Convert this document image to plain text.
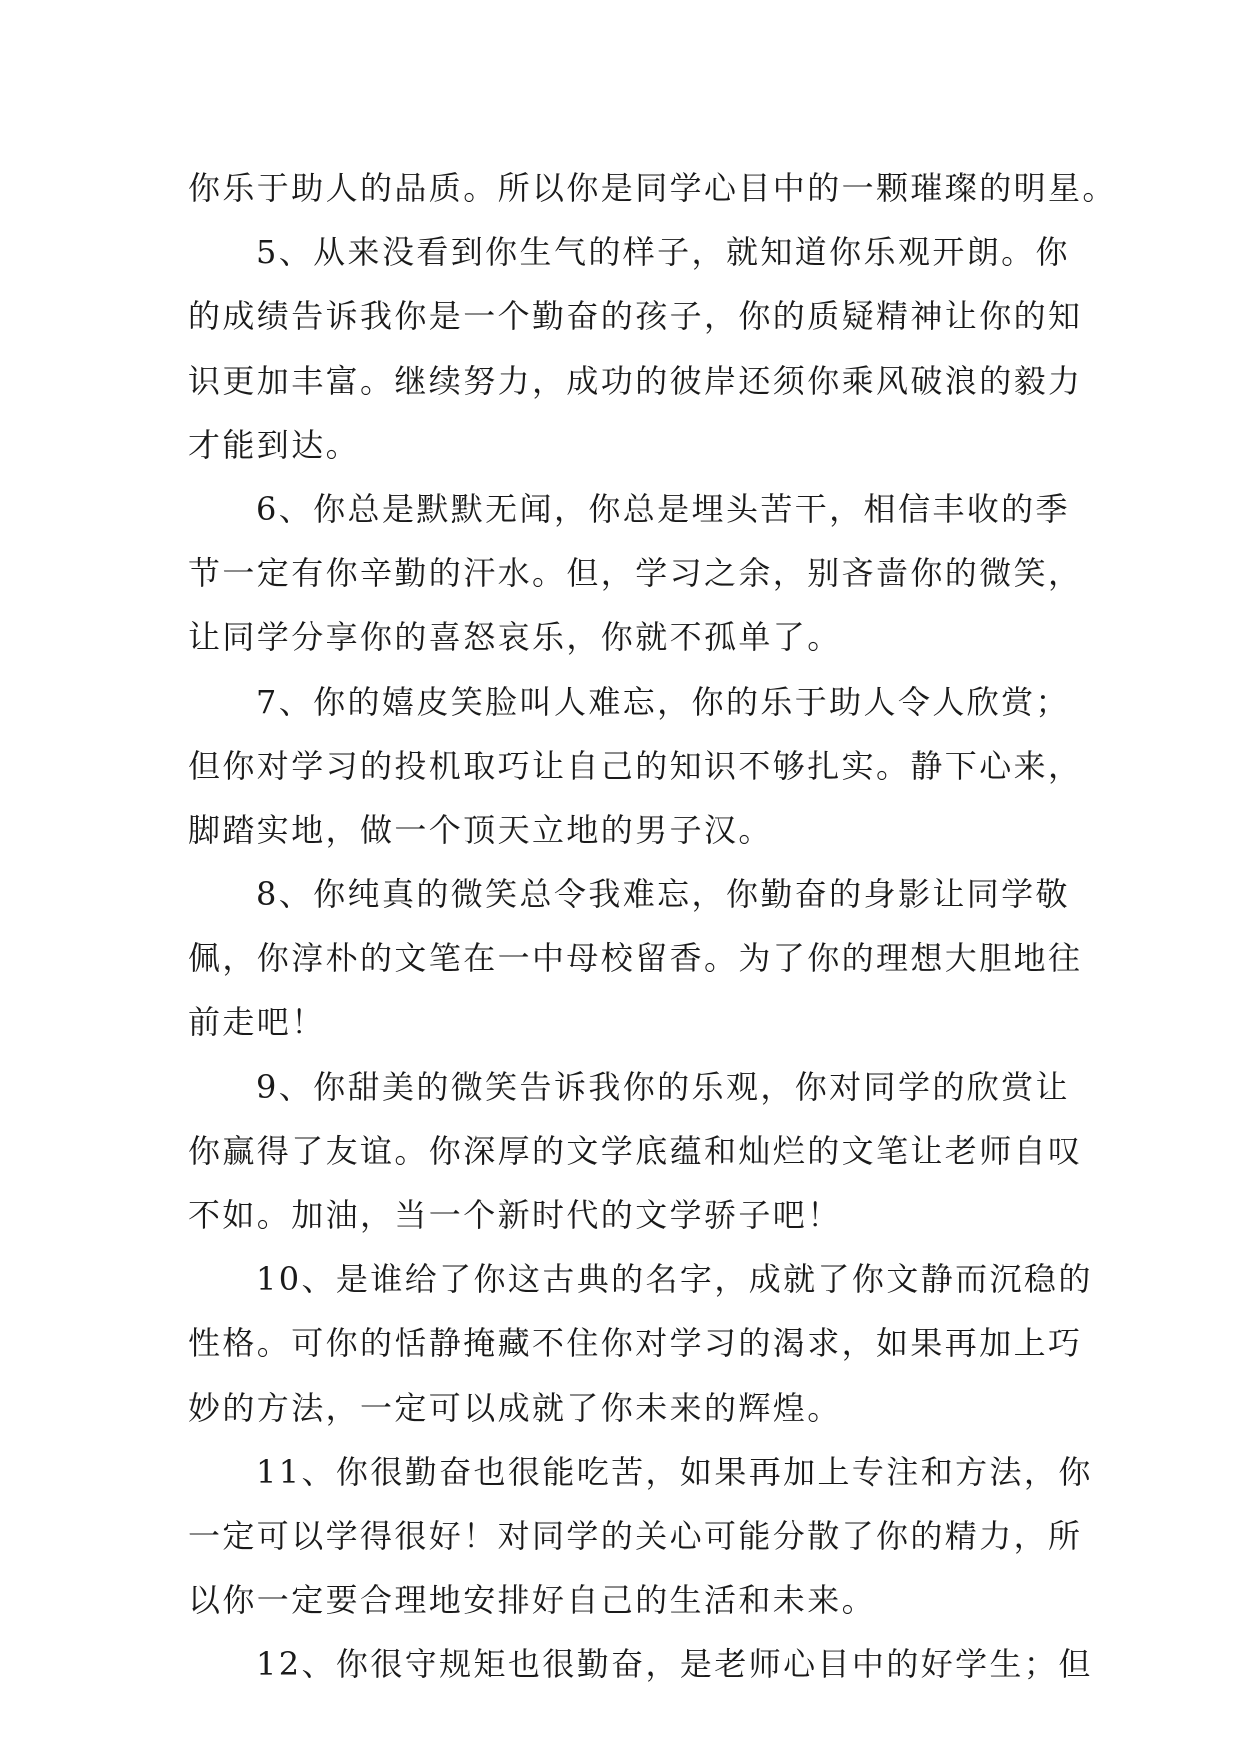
你乐于助人的品质。所以你是同学心目中的一颗璀璨的明星。
5、从来没看到你生气的样子，就知道你乐观开朗。你
的成绩告诉我你是一个勤奋的孩子，你的质疑精神让你的知
识更加丰富。继续努力，成功的彼岸还须你乘风破浪的毅力
才能到达。
6、你总是默默无闻，你总是埋头苦干，相信丰收的季
节一定有你辛勤的汗水。但，学习之余，别吝啬你的微笑，
让同学分享你的喜怒哀乐，你就不孤单了。
7、你的嬉皮笑脸叫人难忘，你的乐于助人令人欣赏；
但你对学习的投机取巧让自己的知识不够扎实。静下心来，
脚踏实地，做一个顶天立地的男子汉。
8、你纯真的微笑总令我难忘，你勤奋的身影让同学敬
佩，你淳朴的文笔在一中母校留香。为了你的理想大胆地往
前走吧！
9、你甜美的微笑告诉我你的乐观，你对同学的欣赏让
你赢得了友谊。你深厚的文学底蕴和灿烂的文笔让老师自叹
不如。加油，当一个新时代的文学骄子吧！
10、是谁给了你这古典的名字，成就了你文静而沉稳的
性格。可你的恬静掩藏不住你对学习的渴求，如果再加上巧
妙的方法，一定可以成就了你未来的辉煌。
11、你很勤奋也很能吃苦，如果再加上专注和方法，你
一定可以学得很好！对同学的关心可能分散了你的精力，所
以你一定要合理地安排好自己的生活和未来。
12、你很守规矩也很勤奋，是老师心目中的好学生；但
